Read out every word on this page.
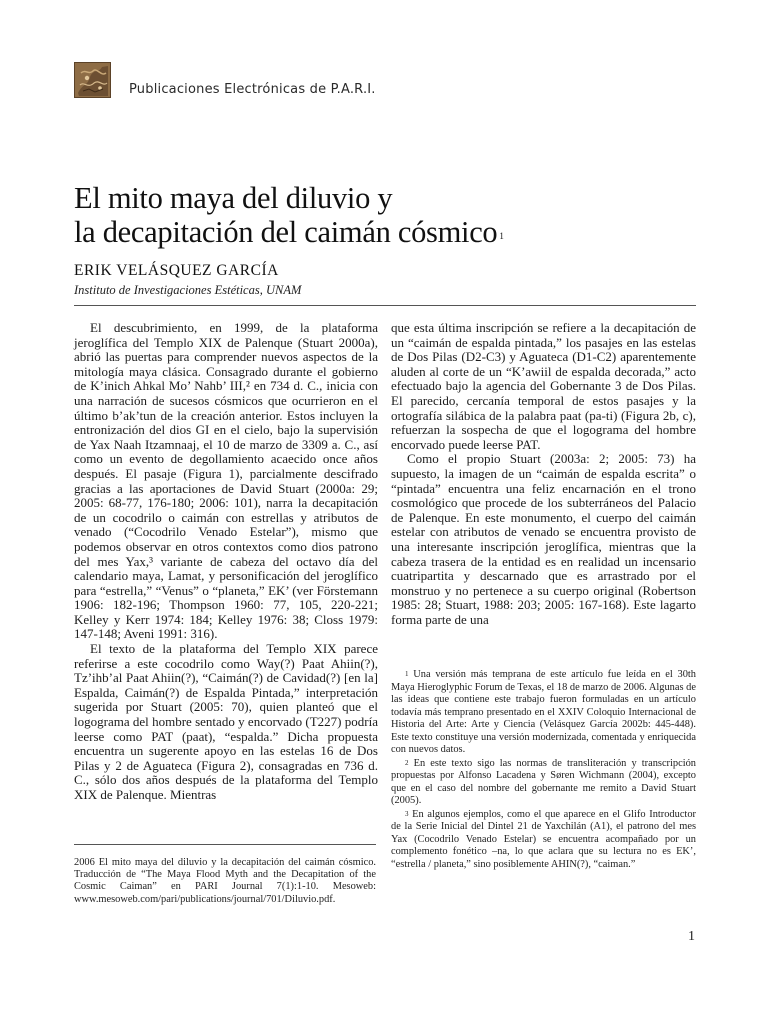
Publicaciones Electrónicas de P.A.R.I.
El mito maya del diluvio y
la decapitación del caimán cósmico $^1$
ERIK VELÁSQUEZ GARCÍA
Instituto de Investigaciones Estéticas, UNAM

El descubrimiento, en 1999, de la plataforma jeroglífica del Templo XIX de Palenque (Stuart 2000a), abrió las puertas para comprender nuevos aspectos de la mitología maya clásica. Consagrado durante el gobierno de K’inich Ahkal Mo’ Nahb’ III,² en 734 d. C., inicia con una narración de sucesos cósmicos que ocurrieron en el último b’ak’tun de la creación anterior. Estos incluyen la entronización del dios GI en el cielo, bajo la supervisión de Yax Naah Itzamnaaj, el 10 de marzo de 3309 a. C., así como un evento de degollamiento acaecido once años después. El pasaje (Figura 1), parcialmente descifrado gracias a las aportaciones de David Stuart (2000a: 29; 2005: 68-77, 176-180; 2006: 101), narra la decapitación de un cocodrilo o caimán con estrellas y atributos de venado (“Cocodrilo Venado Estelar”), mismo que podemos observar en otros contextos como dios patrono del mes Yax,³ variante de cabeza del octavo día del calendario maya, Lamat, y personificación del jeroglífico para “estrella,” “Venus” o “planeta,” EK’ (ver Förstemann 1906: 182-196; Thompson 1960: 77, 105, 220-221; Kelley y Kerr 1974: 184; Kelley 1976: 38; Closs 1979: 147-148; Aveni 1991: 316).

El texto de la plataforma del Templo XIX parece referirse a este cocodrilo como Way(?) Paat Ahiin(?), Tz’ihb’al Paat Ahiin(?), “Caimán(?) de Cavidad(?) [en la] Espalda, Caimán(?) de Espalda Pintada,” interpretación sugerida por Stuart (2005: 70), quien planteó que el logograma del hombre sentado y encorvado (T227) podría leerse como PAT (paat), “espalda.” Dicha propuesta encuentra un sugerente apoyo en las estelas 16 de Dos Pilas y 2 de Aguateca (Figura 2), consagradas en 736 d. C., sólo dos años después de la plataforma del Templo XIX de Palenque. Mientras

que esta última inscripción se refiere a la decapitación de un “caimán de espalda pintada,” los pasajes en las estelas de Dos Pilas (D2-C3) y Aguateca (D1-C2) aparentemente aluden al corte de un “K’awiil de espalda decorada,” acto efectuado bajo la agencia del Gobernante 3 de Dos Pilas. El parecido, cercanía temporal de estos pasajes y la ortografía silábica de la palabra paat (pa-ti) (Figura 2b, c), refuerzan la sospecha de que el logograma del hombre encorvado puede leerse PAT.

Como el propio Stuart (2003a: 2; 2005: 73) ha supuesto, la imagen de un “caimán de espalda escrita” o “pintada” encuentra una feliz encarnación en el trono cosmológico que procede de los subterráneos del Palacio de Palenque. En este monumento, el cuerpo del caimán estelar con atributos de venado se encuentra provisto de una interesante inscripción jeroglífica, mientras que la cabeza trasera de la entidad es en realidad un incensario cuatripartita y descarnado que es arrastrado por el monstruo y no pertenece a su cuerpo original (Robertson 1985: 28; Stuart, 1988: 203; 2005: 167-168). Este lagarto forma parte de una

2006 El mito maya del diluvio y la decapitación del caimán cósmico. Traducción de “The Maya Flood Myth and the Decapitation of the Cosmic Caiman” en PARI Journal 7(1):1-10. Mesoweb: www.mesoweb.com/pari/publications/journal/701/Diluvio.pdf.

$^1$ Una versión más temprana de este artículo fue leída en el 30th Maya Hieroglyphic Forum de Texas, el 18 de marzo de 2006. Algunas de las ideas que contiene este trabajo fueron formuladas en un artículo todavía más temprano presentado en el XXIV Coloquio Internacional de Historia del Arte: Arte y Ciencia (Velásquez García 2002b: 445-448). Este texto constituye una versión modernizada, comentada y enriquecida con nuevos datos.

$^2$ En este texto sigo las normas de transliteración y transcripción propuestas por Alfonso Lacadena y Søren Wichmann (2004), excepto que en el caso del nombre del gobernante me remito a David Stuart (2005).

$^3$ En algunos ejemplos, como el que aparece en el Glifo Introductor de la Serie Inicial del Dintel 21 de Yaxchilán (A1), el patrono del mes Yax (Cocodrilo Venado Estelar) se encuentra acompañado por un complemento fonético –na, lo que aclara que su lectura no es EK’, “estrella / planeta,” sino posiblemente AHIN(?), “caiman.”

1
